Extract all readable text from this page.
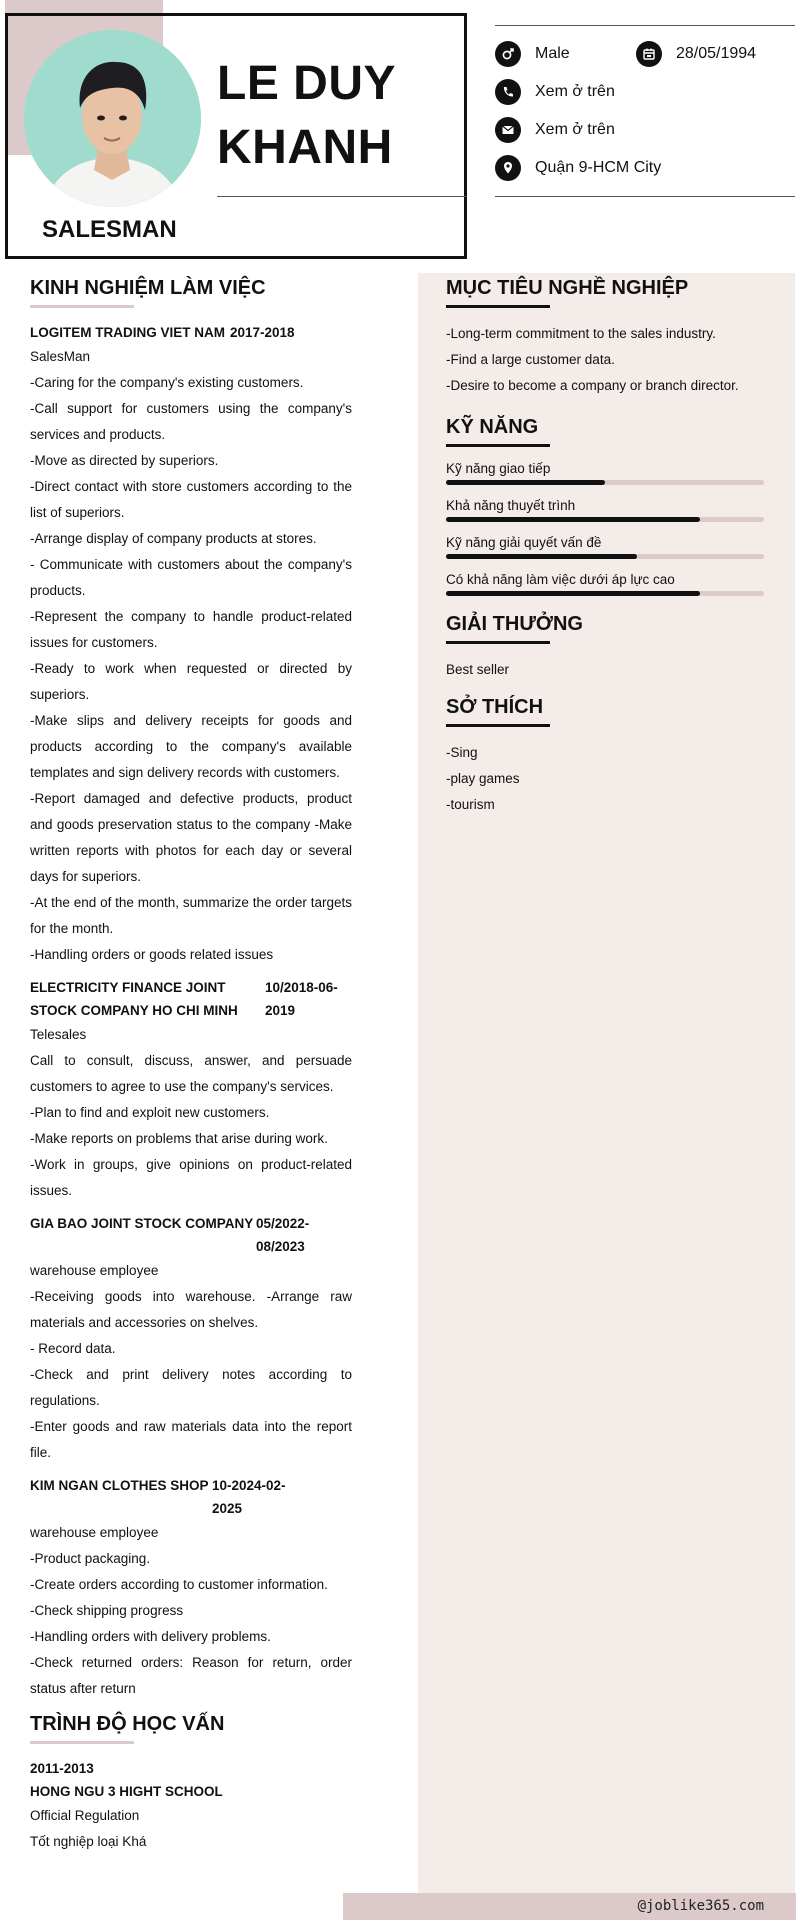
@joblike365.com
LE DUY
KHANH
SALESMAN
Male	28/05/1994
Xem ở trên
Xem ở trên
Quận 9-HCM City
KINH NGHIỆM LÀM VIỆC
LOGITEM TRADING VIET NAM 2017-2018

SalesMan

-Caring for the company's existing customers.

-Call support for customers using the company's services and products.

-Move as directed by superiors.

-Direct contact with store customers according to the list of superiors.

-Arrange display of company products at stores.

- Communicate with customers about the company's products.

-Represent the company to handle product-related issues for customers.

-Ready to work when requested or directed by superiors.

-Make slips and delivery receipts for goods and products according to the company's available templates and sign delivery records with customers.

-Report damaged and defective products, product and goods preservation status to the company -Make written reports with photos for each day or several days for superiors.

-At the end of the month, summarize the order targets for the month.

-Handling orders or goods related issues

ELECTRICITY FINANCE JOINT STOCK COMPANY HO CHI MINH
10/2018-06-2019

Telesales

Call to consult, discuss, answer, and persuade customers to agree to use the company's services.

-Plan to find and exploit new customers.

-Make reports on problems that arise during work.

-Work in groups, give opinions on product-related issues.

GIA BAO JOINT STOCK COMPANY 05/2022-08/2023

warehouse employee

-Receiving goods into warehouse. -Arrange raw materials and accessories on shelves.

- Record data.

-Check and print delivery notes according to regulations.

-Enter goods and raw materials data into the report file.

KIM NGAN CLOTHES SHOP 10-2024-02-2025

warehouse employee

-Product packaging.

-Create orders according to customer information.

-Check shipping progress

-Handling orders with delivery problems.

-Check returned orders: Reason for return, order status after return

TRÌNH ĐỘ HỌC VẤN
2011-2013
HONG NGU 3 HIGHT SCHOOL

Official Regulation

Tốt nghiệp loại Khá

MỤC TIÊU NGHỀ NGHIỆP

-Long-term commitment to the sales industry.

-Find a large customer data.

-Desire to become a company or branch director.

KỸ NĂNG
Kỹ năng giao tiếp
Khả năng thuyết trình
Kỹ năng giải quyết vấn đề
Có khả năng làm việc dưới áp lực cao
GIẢI THƯỞNG

Best seller

SỞ THÍCH

-Sing

-play games

-tourism
